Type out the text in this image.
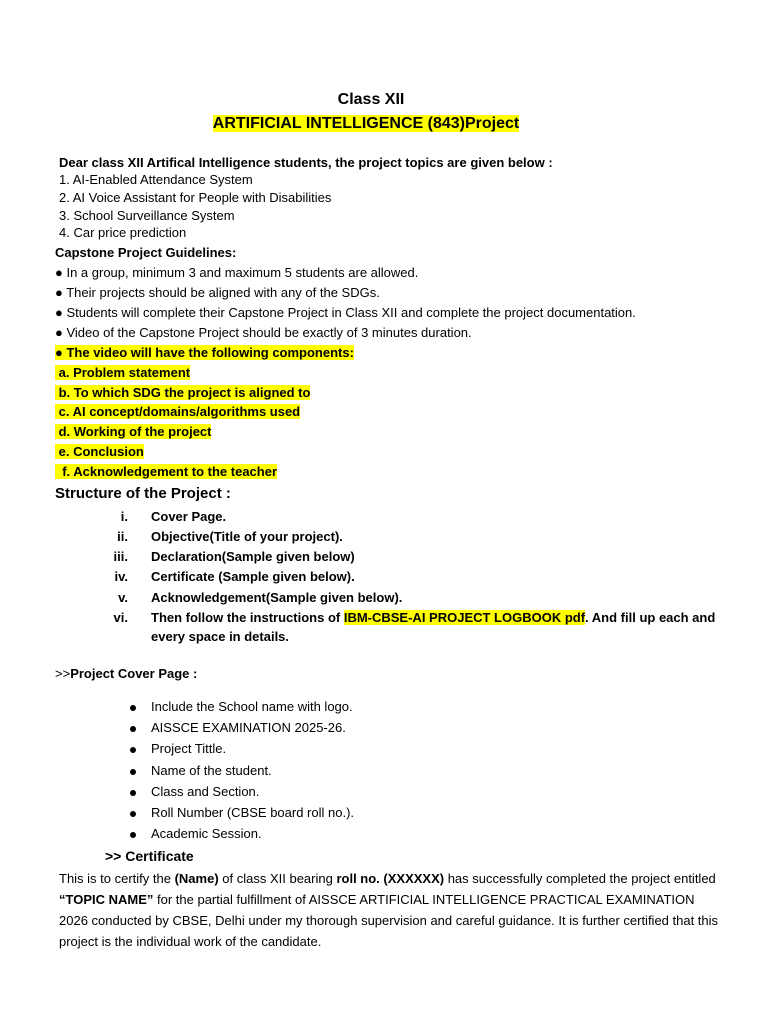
Class XII
ARTIFICIAL INTELLIGENCE (843)Project
Dear class XII Artifical Intelligence students, the project topics are given below :
1. AI-Enabled Attendance System
2. AI Voice Assistant for People with Disabilities
3. School Surveillance System
4. Car price prediction
Capstone Project Guidelines:
● In a group, minimum 3 and maximum 5 students are allowed.
● Their projects should be aligned with any of the SDGs.
● Students will complete their Capstone Project in Class XII and complete the project documentation.
● Video of the Capstone Project should be exactly of 3 minutes duration.
● The video will have the following components:
a. Problem statement
b. To which SDG the project is aligned to
c. AI concept/domains/algorithms used
d. Working of the project
e. Conclusion
f. Acknowledgement to the teacher
Structure of the Project :
i. Cover Page.
ii. Objective(Title of your project).
iii. Declaration(Sample given below)
iv. Certificate (Sample given below).
v. Acknowledgement(Sample given below).
vi. Then follow the instructions of IBM-CBSE-AI PROJECT LOGBOOK pdf. And fill up each and
every space in details.
>>Project Cover Page :
Include the School name with logo.
AISSCE EXAMINATION 2025-26.
Project Tittle.
Name of the student.
Class and Section.
Roll Number (CBSE board roll no.).
Academic Session.
>> Certificate
This is to certify the (Name) of class XII bearing roll no. (XXXXXX) has successfully completed the project entitled “TOPIC NAME” for the partial fulfillment of AISSCE ARTIFICIAL INTELLIGENCE PRACTICAL EXAMINATION 2026 conducted by CBSE, Delhi under my thorough supervision and careful guidance. It is further certified that this project is the individual work of the candidate.
